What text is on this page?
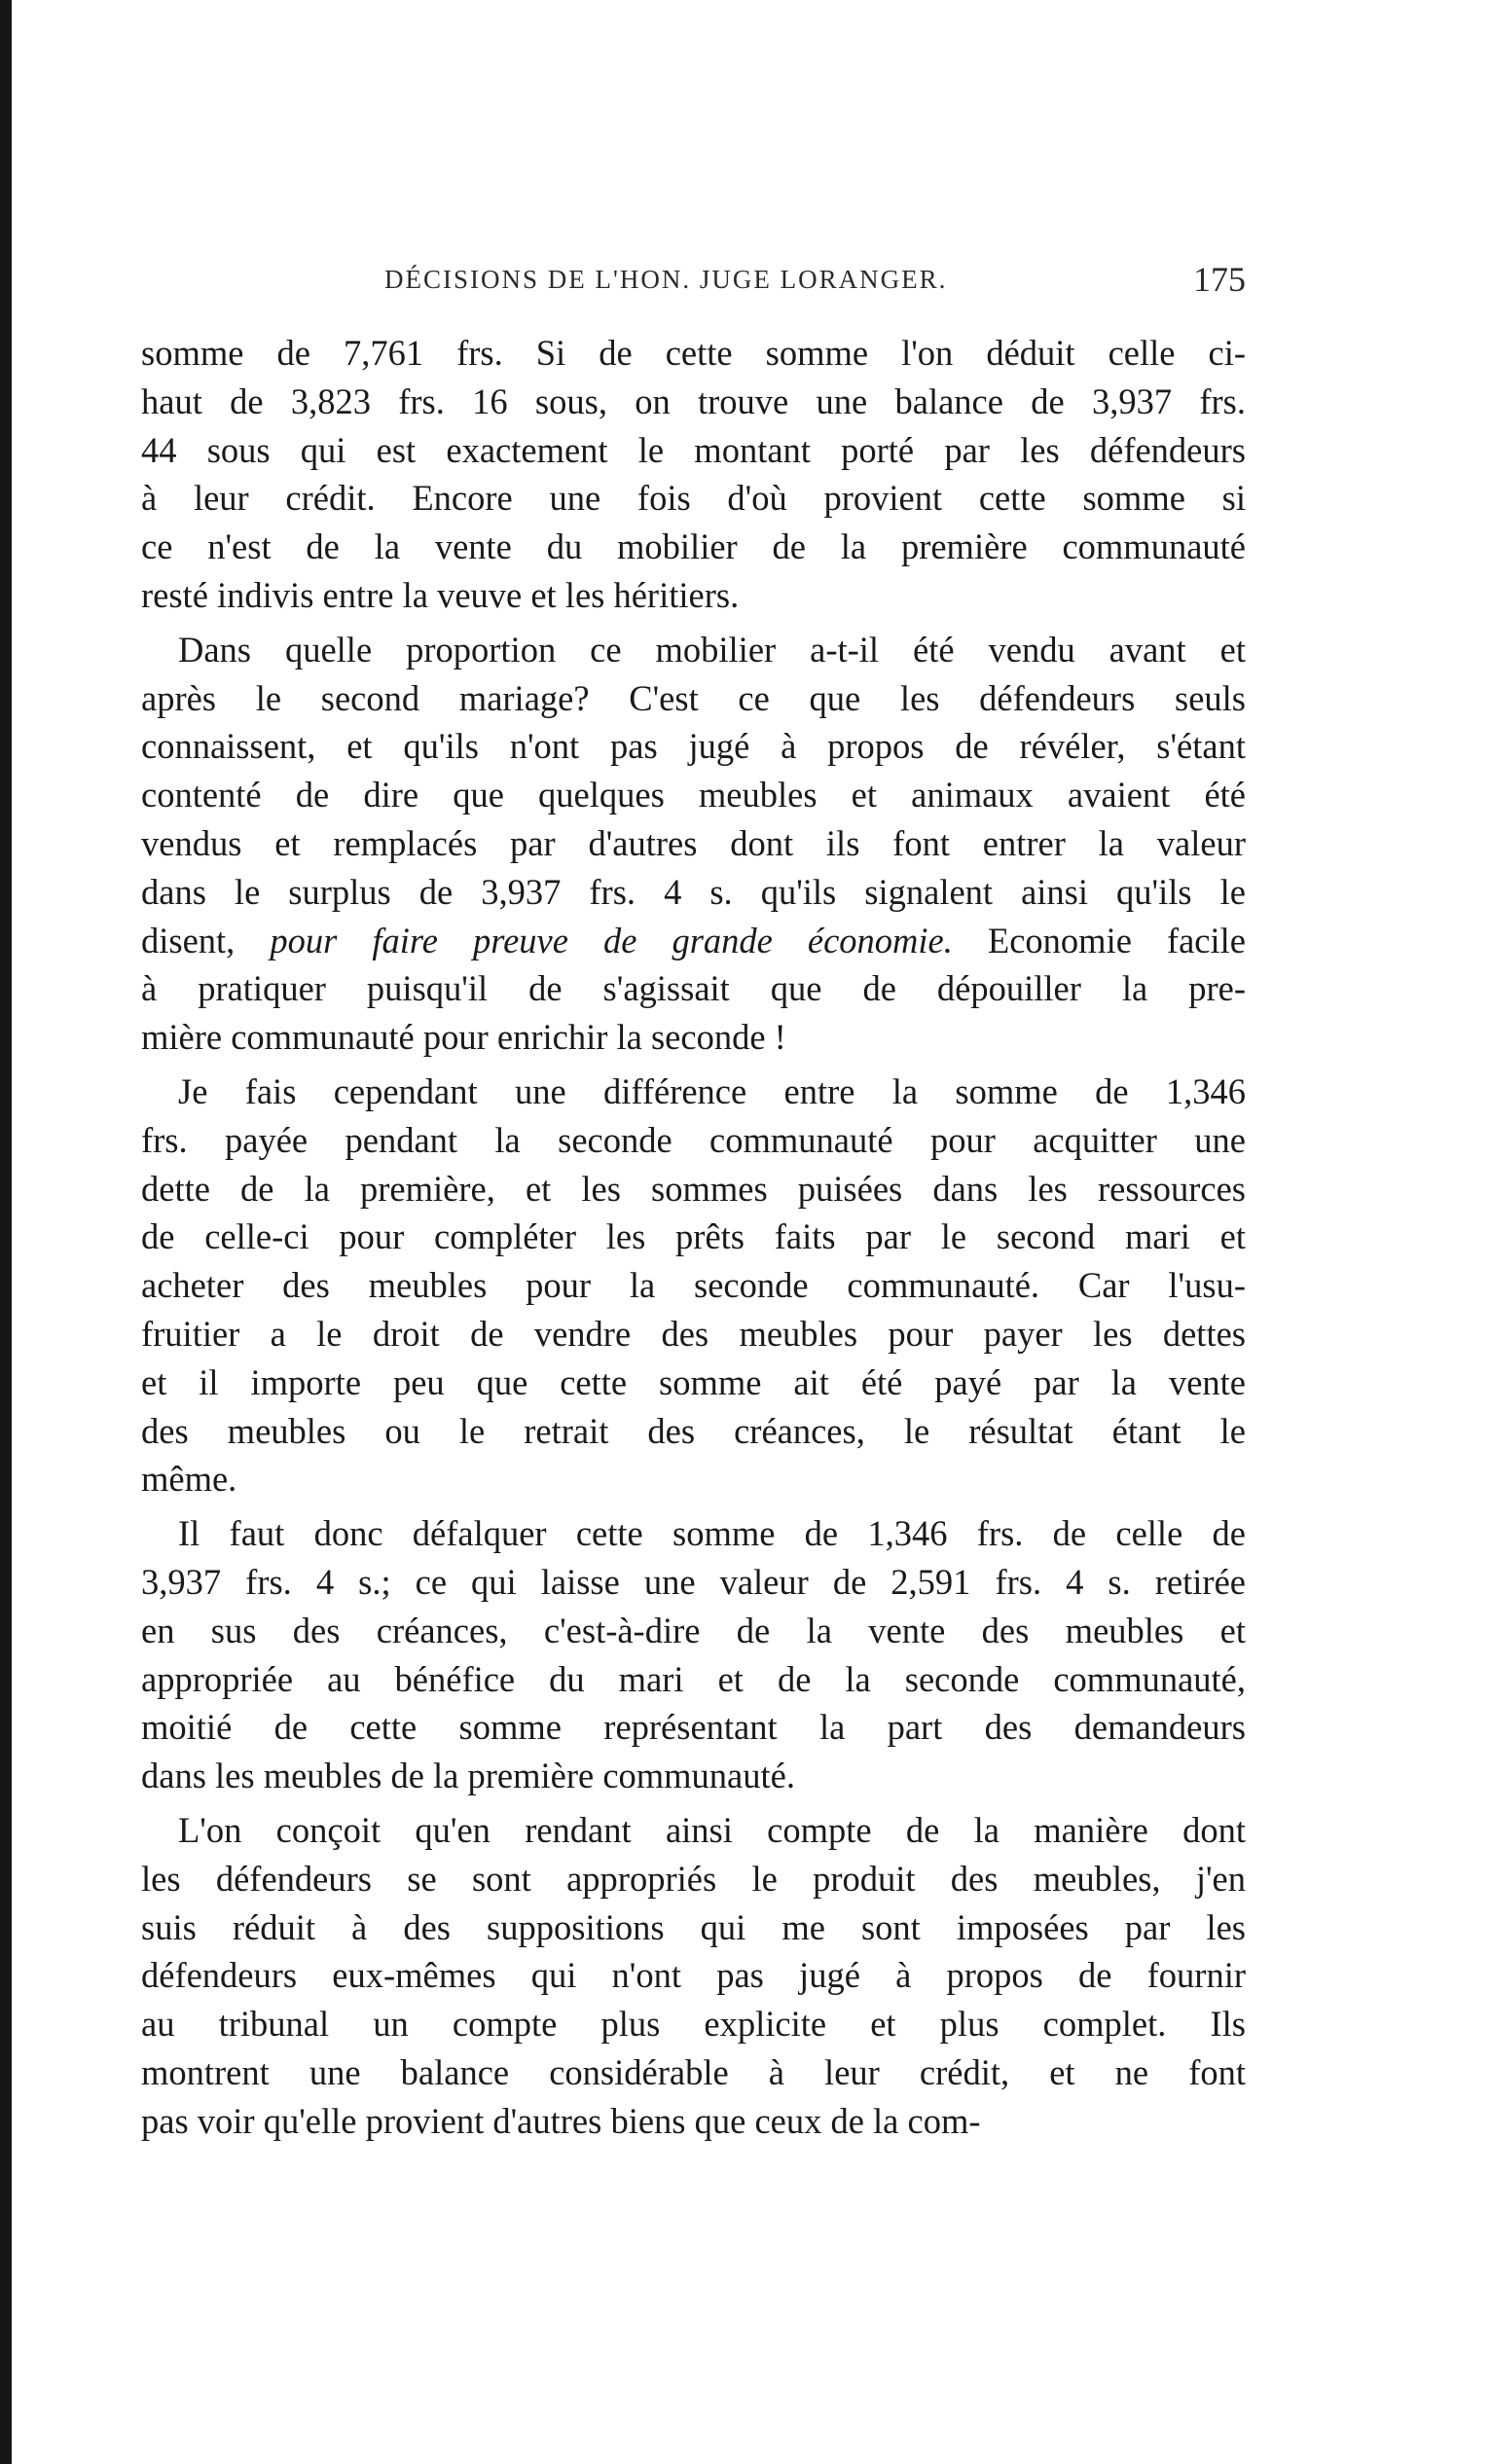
DÉCISIONS DE L'HON. JUGE LORANGER.	175
somme de 7,761 frs. Si de cette somme l'on déduit celle ci-
haut de 3,823 frs. 16 sous, on trouve une balance de 3,937 frs.
44 sous qui est exactement le montant porté par les défendeurs
à leur crédit. Encore une fois d'où provient cette somme si
ce n'est de la vente du mobilier de la première communauté
resté indivis entre la veuve et les héritiers.
Dans quelle proportion ce mobilier a-t-il été vendu avant et
après le second mariage? C'est ce que les défendeurs seuls
connaissent, et qu'ils n'ont pas jugé à propos de révéler, s'étant
contenté de dire que quelques meubles et animaux avaient été
vendus et remplacés par d'autres dont ils font entrer la valeur
dans le surplus de 3,937 frs. 4 s. qu'ils signalent ainsi qu'ils le
disent, pour faire preuve de grande économie. Economie facile
à pratiquer puisqu'il de s'agissait que de dépouiller la pre-
mière communauté pour enrichir la seconde !
Je fais cependant une différence entre la somme de 1,346
frs. payée pendant la seconde communauté pour acquitter une
dette de la première, et les sommes puisées dans les ressources
de celle-ci pour compléter les prêts faits par le second mari et
acheter des meubles pour la seconde communauté. Car l'usu-
fruitier a le droit de vendre des meubles pour payer les dettes
et il importe peu que cette somme ait été payé par la vente
des meubles ou le retrait des créances, le résultat étant le
même.
Il faut donc défalquer cette somme de 1,346 frs. de celle de
3,937 frs. 4 s.; ce qui laisse une valeur de 2,591 frs. 4 s. retirée
en sus des créances, c'est-à-dire de la vente des meubles et
appropriée au bénéfice du mari et de la seconde communauté,
moitié de cette somme représentant la part des demandeurs
dans les meubles de la première communauté.
L'on conçoit qu'en rendant ainsi compte de la manière dont
les défendeurs se sont appropriés le produit des meubles, j'en
suis réduit à des suppositions qui me sont imposées par les
défendeurs eux-mêmes qui n'ont pas jugé à propos de fournir
au tribunal un compte plus explicite et plus complet. Ils
montrent une balance considérable à leur crédit, et ne font
pas voir qu'elle provient d'autres biens que ceux de la com-
